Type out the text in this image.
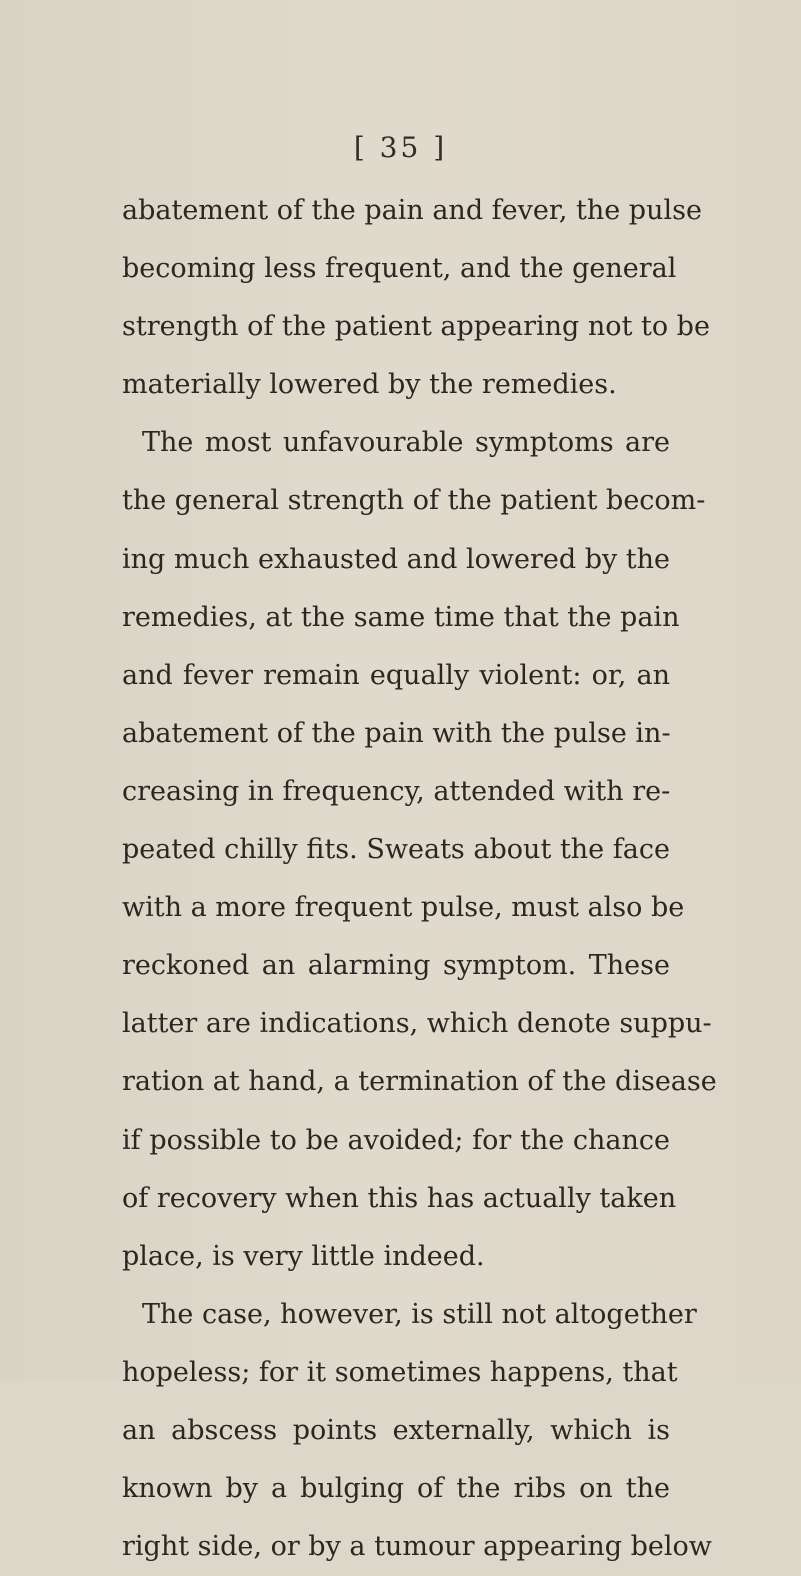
[ 35 ]
abatement of the pain and fever, the pulse
becoming less frequent, and the general
strength of the patient appearing not to be
materially lowered by the remedies.
The most unfavourable symptoms are
the general strength of the patient becom-
ing much exhausted and lowered by the
remedies, at the same time that the pain
and fever remain equally violent: or, an
abatement of the pain with the pulse in-
creasing in frequency, attended with re-
peated chilly fits. Sweats about the face
with a more frequent pulse, must also be
reckoned an alarming symptom. These
latter are indications, which denote suppu-
ration at hand, a termination of the disease
if possible to be avoided; for the chance
of recovery when this has actually taken
place, is very little indeed.
The case, however, is still not altogether
hopeless; for it sometimes happens, that
an abscess points externally, which is
known by a bulging of the ribs on the
right side, or by a tumour appearing below
